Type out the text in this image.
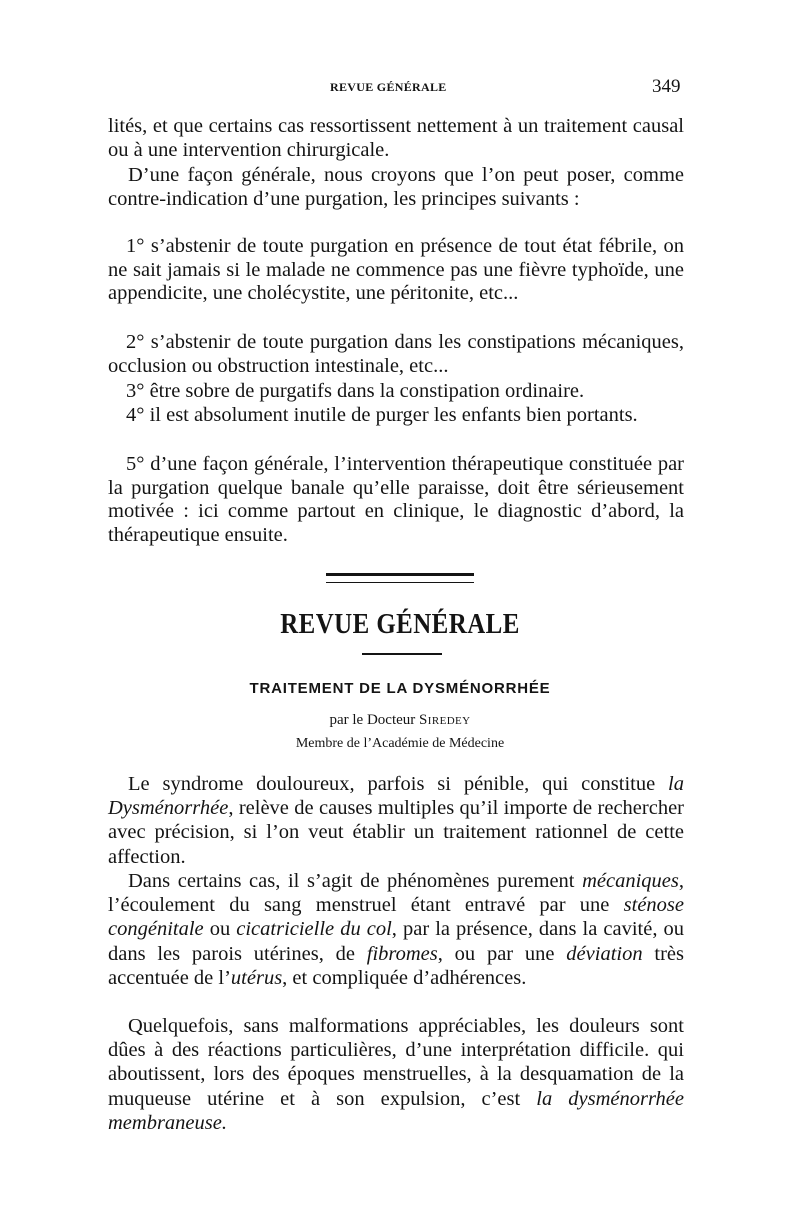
REVUE GÉNÉRALE	349

lités, et que certains cas ressortissent nettement à un traitement causal ou à une intervention chirurgicale.

D’une façon générale, nous croyons que l’on peut poser, comme contre-indication d’une purgation, les principes suivants :

1° s’abstenir de toute purgation en présence de tout état fébrile, on ne sait jamais si le malade ne commence pas une fièvre typhoïde, une appendicite, une cholécystite, une péritonite, etc...

2° s’abstenir de toute purgation dans les constipations mécaniques, occlusion ou obstruction intestinale, etc...

3° être sobre de purgatifs dans la constipation ordinaire.

4° il est absolument inutile de purger les enfants bien portants.

5° d’une façon générale, l’intervention thérapeutique constituée par la purgation quelque banale qu’elle paraisse, doit être sérieusement motivée : ici comme partout en clinique, le diagnostic d’abord, la thérapeutique ensuite.

REVUE GÉNÉRALE
TRAITEMENT DE LA DYSMÉNORRHÉE
par le Docteur Siredey
Membre de l’Académie de Médecine

Le syndrome douloureux, parfois si pénible, qui constitue la Dysménorrhée, relève de causes multiples qu’il importe de rechercher avec précision, si l’on veut établir un traitement rationnel de cette affection.

Dans certains cas, il s’agit de phénomènes purement mécaniques, l’écoulement du sang menstruel étant entravé par une sténose congénitale ou cicatricielle du col, par la présence, dans la cavité, ou dans les parois utérines, de fibromes, ou par une déviation très accentuée de l’utérus, et compliquée d’adhérences.

Quelquefois, sans malformations appréciables, les douleurs sont dûes à des réactions particulières, d’une interprétation difficile. qui aboutissent, lors des époques menstruelles, à la desquamation de la muqueuse utérine et à son expulsion, c’est la dysménorrhée membraneuse.
